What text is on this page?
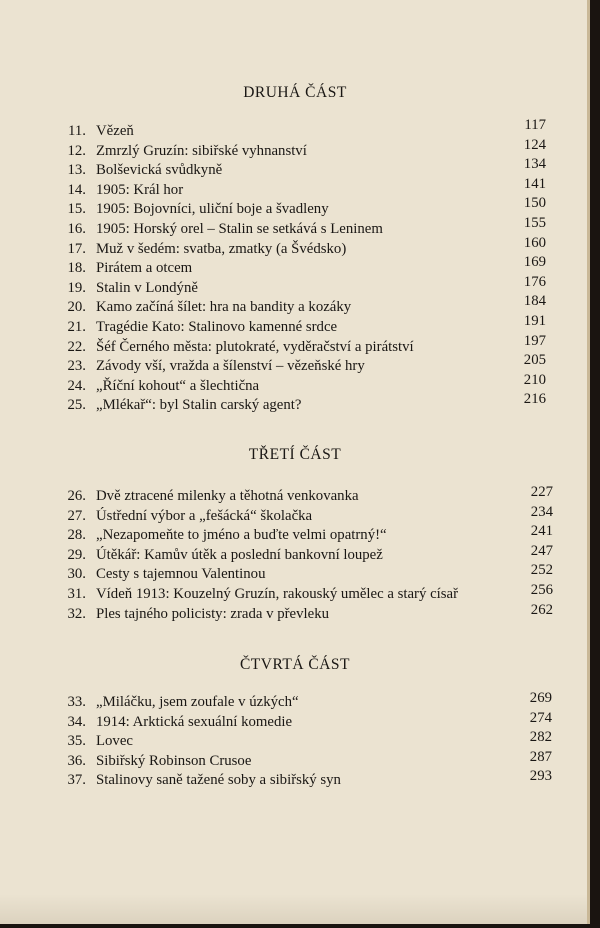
DRUHÁ ČÁST
11. Vězeň	117
12. Zmrzlý Gruzín: sibiřské vyhnanství	124
13. Bolševická svůdkyně	134
14. 1905: Král hor	141
15. 1905: Bojovníci, uliční boje a švadleny	150
16. 1905: Horský orel – Stalin se setkává s Leninem	155
17. Muž v šedém: svatba, zmatky (a Švédsko)	160
18. Pirátem a otcem	169
19. Stalin v Londýně	176
20. Kamo začíná šílet: hra na bandity a kozáky	184
21. Tragédie Kato: Stalinovo kamenné srdce	191
22. Šéf Černého města: plutokraté, vyděračství a pirátství	197
23. Závody vší, vražda a šílenství – vězeňské hry	205
24. „Říční kohout“ a šlechtična	210
25. „Mlékař“: byl Stalin carský agent?	216
TŘETÍ ČÁST
26. Dvě ztracené milenky a těhotná venkovanka	227
27. Ústřední výbor a „fešácká“ školačka	234
28. „Nezapomeňte to jméno a buďte velmi opatrný!“	241
29. Útěkář: Kamův útěk a poslední bankovní loupež	247
30. Cesty s tajemnou Valentinou	252
31. Vídeň 1913: Kouzelný Gruzín, rakouský umělec a starý císař	256
32. Ples tajného policisty: zrada v převleku	262
ČTVRTÁ ČÁST
33. „Miláčku, jsem zoufale v úzkých“	269
34. 1914: Arktická sexuální komedie	274
35. Lovec	282
36. Sibiřský Robinson Crusoe	287
37. Stalinovy saně tažené soby a sibiřský syn	293
